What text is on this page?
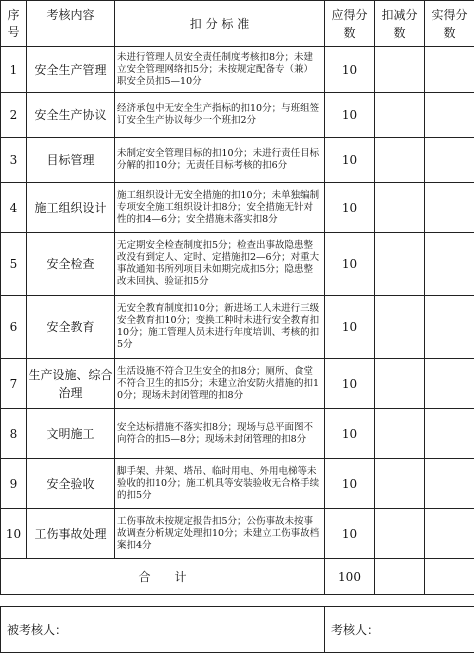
序号	考核内容	扣 分 标 准	应得分数	扣减分数	实得分数

1	安全生产管理	未进行管理人员安全责任制度考核扣8分；未建立安全管理网络扣5分；未按规定配备专（兼）职安全员扣5—10分	10		
2	安全生产协议	经济承包中无安全生产指标的扣10分；与班组签订安全生产协议每少一个班扣2分	10		
3	目标管理	未制定安全管理目标的扣10分；未进行责任目标分解的扣10分；无责任目标考核的扣6分	10		
4	施工组织设计	施工组织设计无安全措施的扣10分；未单独编制专项安全施工组织设计扣8分；安全措施无针对性的扣4—6分；安全措施未落实扣8分	10		
5	安全检查	无定期安全检查制度扣5分；检查出事故隐患整改没有到定人、定时、定措施扣2—6分；对重大事故通知书所列项目未如期完成扣5分；隐患整改未回执、验证扣5分	10		
6	安全教育	无安全教育制度扣10分；新进场工人未进行三级安全教育扣10分；变换工种时未进行安全教育扣10分；施工管理人员未进行年度培训、考核的扣5分	10		
7	生产设施、综合治理	生活设施不符合卫生安全的扣8分；厕所、食堂不符合卫生的扣5分；未建立治安防火措施的扣10分；现场未封闭管理的扣8分	10		
8	文明施工	安全达标措施不落实扣8分；现场与总平面图不向符合的扣5—8分；现场未封闭管理的扣8分	10		
9	安全验收	脚手架、井架、塔吊、临时用电、外用电梯等未验收的扣10分；施工机具等安装验收无合格手续的扣5分	10		
10	工伤事故处理	工伤事故未按规定报告扣5分；公伤事故未按事故调查分析规定处理扣10分；未建立工伤事故档案扣4分	10		
合　　计			100		

被考核人：			考核人：		
